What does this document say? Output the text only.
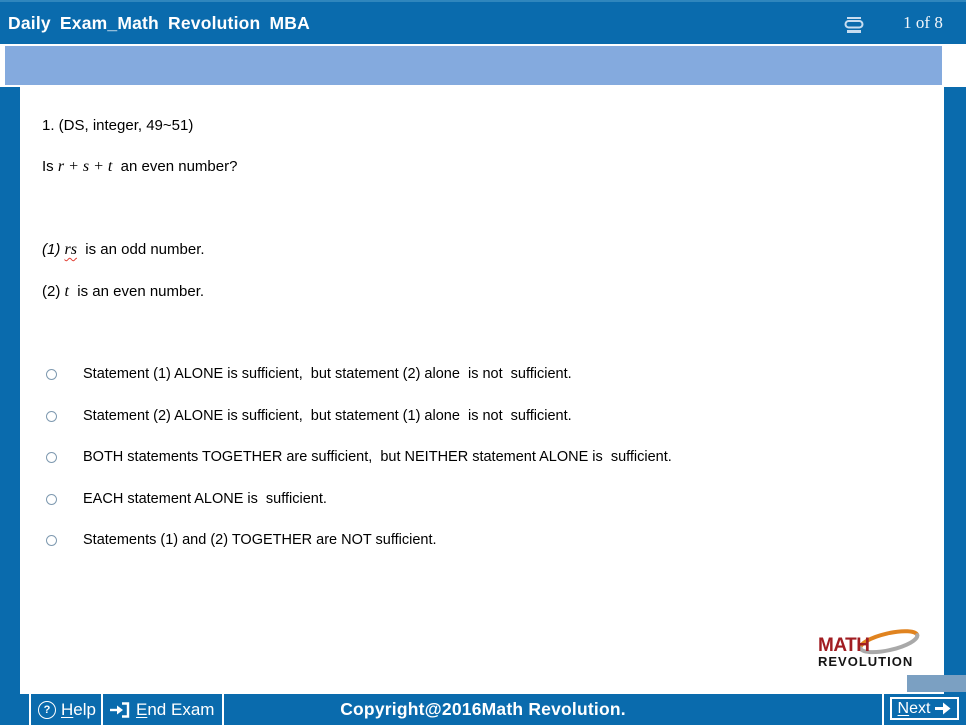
Daily Exam_Math Revolution MBA	1 of 8
1. (DS, integer, 49~51)
Is r + s + t  an even number?
(1) rs  is an odd number.
(2) t  is an even number.
Statement (1) ALONE is sufficient,  but statement (2) alone  is not  sufficient.
Statement (2) ALONE is sufficient,  but statement (1) alone  is not  sufficient.
BOTH statements TOGETHER are sufficient,  but NEITHER statement ALONE is  sufficient.
EACH statement ALONE is  sufficient.
Statements (1) and (2) TOGETHER are NOT sufficient.
MATH
REVOLUTION
? Help End Exam	Copyright@2016Math Revolution.	Next
